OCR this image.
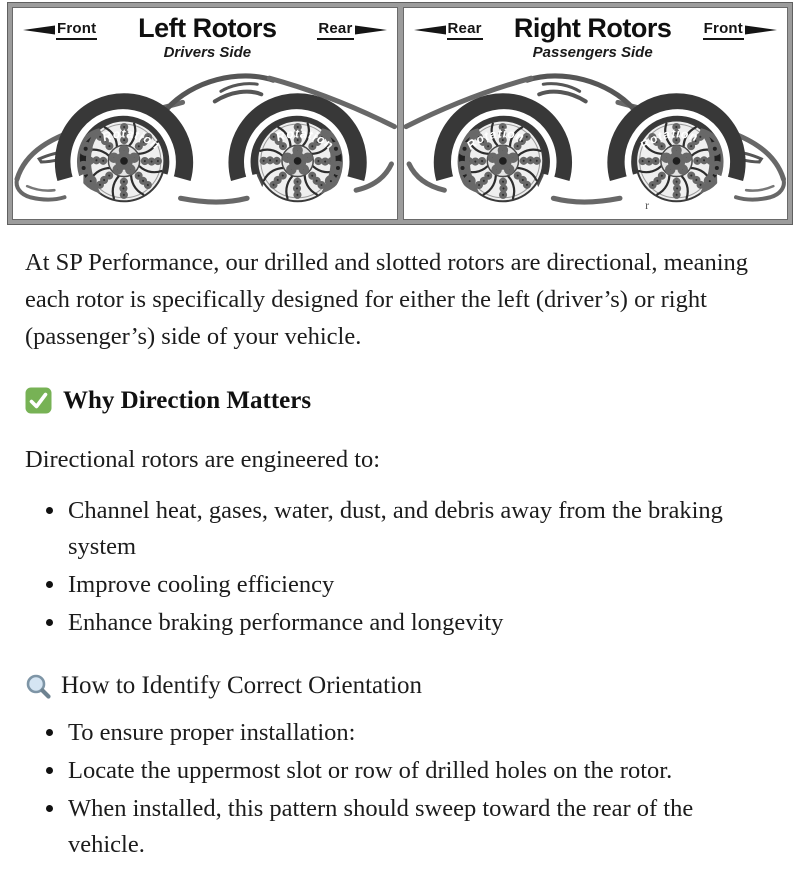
Front	Left Rotors
Drivers Side
Rear
Rotation
Rotation
Rear	Right Rotors
Passengers Side
Front
Rotation	Rotation
r

At SP Performance, our drilled and slotted rotors are directional, meaning each rotor is specifically designed for either the left (driver’s) or right (passenger’s) side of your vehicle.

Why Direction Matters

Directional rotors are engineered to:

• Channel heat, gases, water, dust, and debris away from the braking system
• Improve cooling efficiency
• Enhance braking performance and longevity
How to Identify Correct Orientation
• To ensure proper installation:
• Locate the uppermost slot or row of drilled holes on the rotor.
• When installed, this pattern should sweep toward the rear of the vehicle.
